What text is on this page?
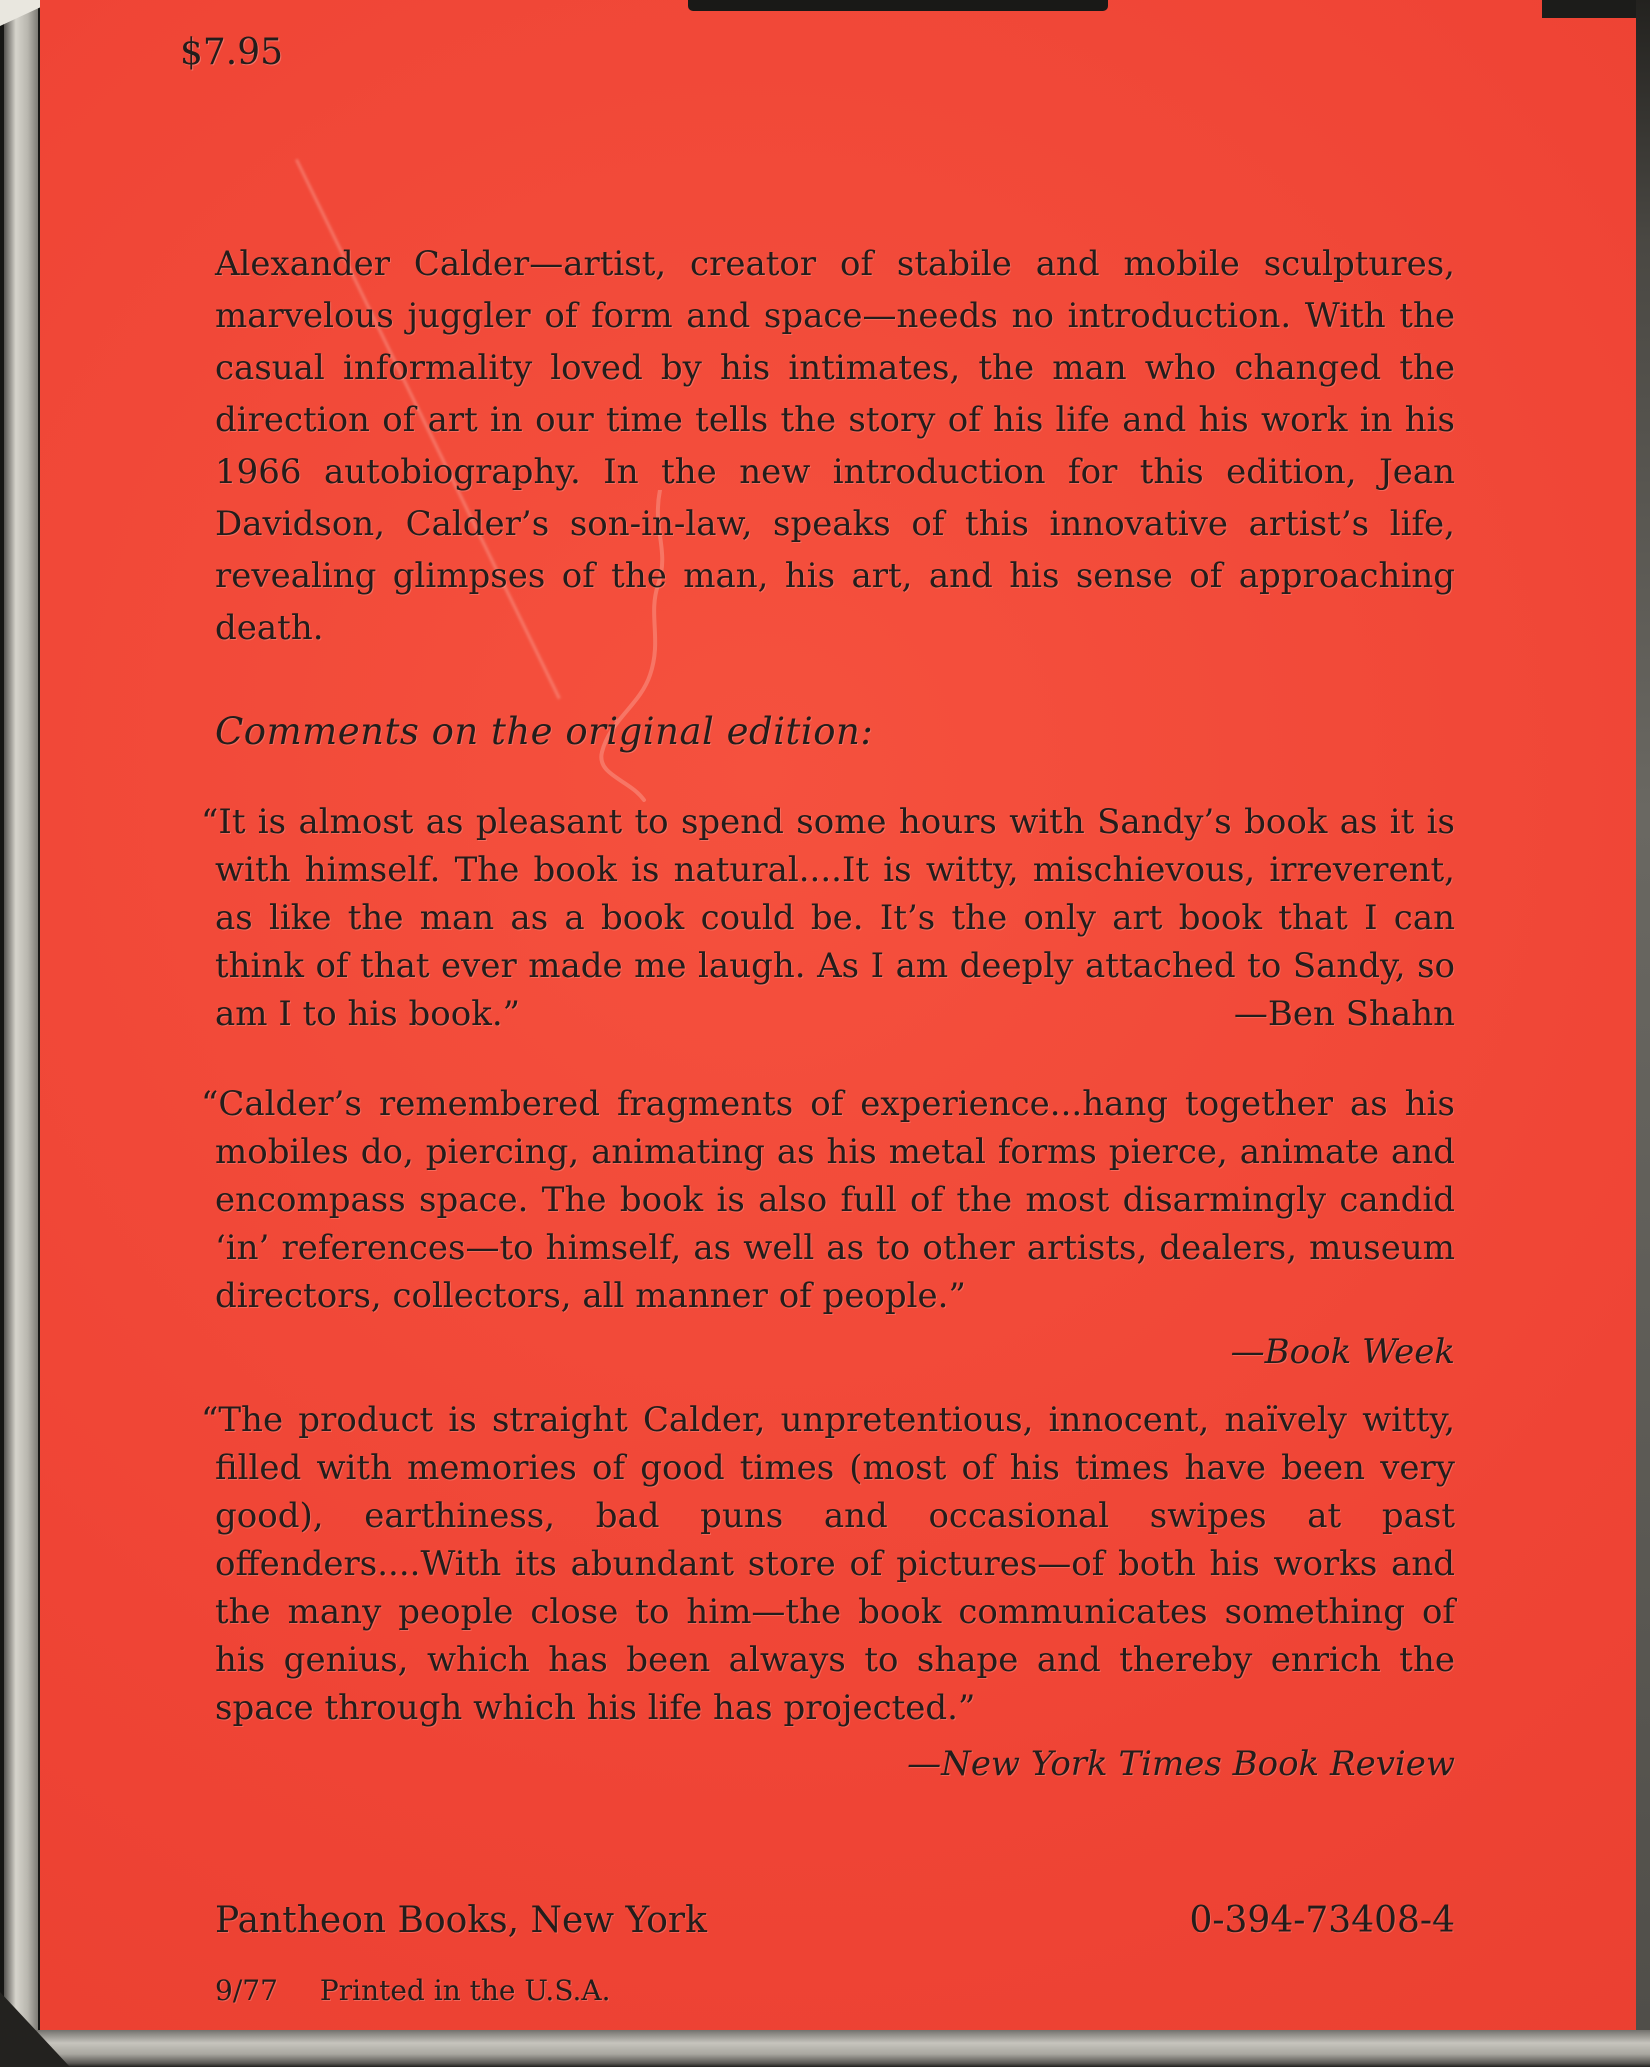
$7.95
Alexander Calder—artist, creator of stabile and mobile sculptures, marvelous juggler of form and space—needs no introduction. With the casual informality loved by his intimates, the man who changed the direction of art in our time tells the story of his life and his work in his 1966 autobiography. In the new introduction for this edition, Jean Davidson, Calder’s son-in-law, speaks of this innovative artist’s life, revealing glimpses of the man, his art, and his sense of approaching death.
Comments on the original edition:
“It is almost as pleasant to spend some hours with Sandy’s book as it is with himself. The book is natural....It is witty, mischievous, irreverent, as like the man as a book could be. It’s the only art book that I can think of that ever made me laugh. As I am deeply attached to Sandy, so am I to his book.”	—Ben Shahn
“Calder’s remembered fragments of experience...hang together as his mobiles do, piercing, animating as his metal forms pierce, animate and encompass space. The book is also full of the most disarmingly candid ‘in’ references—to himself, as well as to other artists, dealers, museum directors, collectors, all manner of people.”
—Book Week
“The product is straight Calder, unpretentious, innocent, naïvely witty, filled with memories of good times (most of his times have been very good), earthiness, bad puns and occasional swipes at past offenders....With its abundant store of pictures—of both his works and the many people close to him—the book communicates something of his genius, which has been always to shape and thereby enrich the space through which his life has projected.”
—New York Times Book Review
Pantheon Books, New York	0-394-73408-4
9/77 Printed in the U.S.A.
